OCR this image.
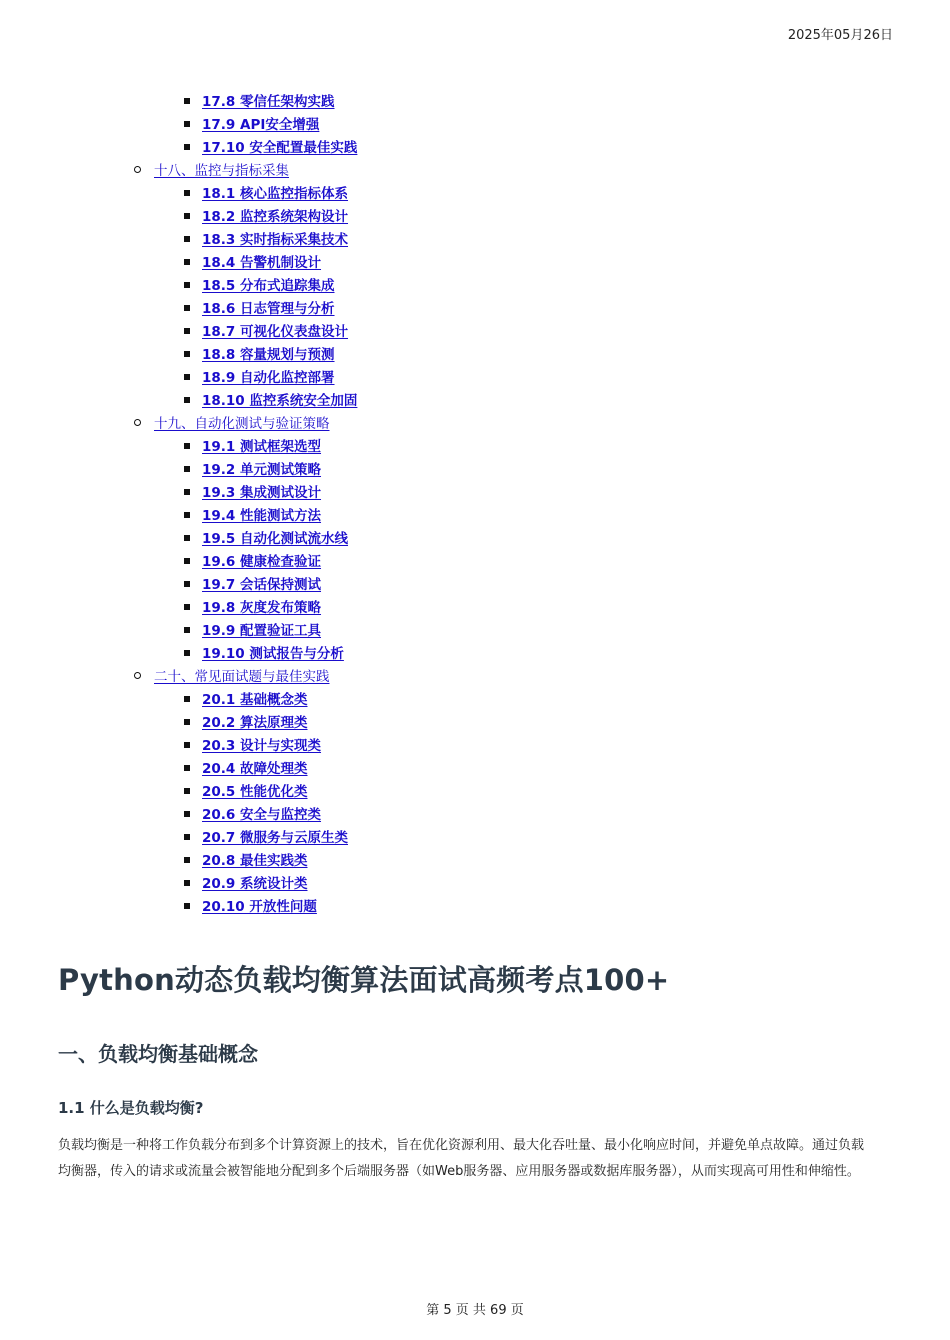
2025年05月26日
17.8 零信任架构实践
17.9 API安全增强
17.10 安全配置最佳实践
十八、监控与指标采集
18.1 核心监控指标体系
18.2 监控系统架构设计
18.3 实时指标采集技术
18.4 告警机制设计
18.5 分布式追踪集成
18.6 日志管理与分析
18.7 可视化仪表盘设计
18.8 容量规划与预测
18.9 自动化监控部署
18.10 监控系统安全加固
十九、自动化测试与验证策略
19.1 测试框架选型
19.2 单元测试策略
19.3 集成测试设计
19.4 性能测试方法
19.5 自动化测试流水线
19.6 健康检查验证
19.7 会话保持测试
19.8 灰度发布策略
19.9 配置验证工具
19.10 测试报告与分析
二十、常见面试题与最佳实践
20.1 基础概念类
20.2 算法原理类
20.3 设计与实现类
20.4 故障处理类
20.5 性能优化类
20.6 安全与监控类
20.7 微服务与云原生类
20.8 最佳实践类
20.9 系统设计类
20.10 开放性问题
Python动态负载均衡算法面试高频考点100+
一、负载均衡基础概念
1.1 什么是负载均衡?

负载均衡是一种将工作负载分布到多个计算资源上的技术，旨在优化资源利用、最大化吞吐量、最小化响应时间，并避免单点故障。通过负载均衡器，传入的请求或流量会被智能地分配到多个后端服务器（如Web服务器、应用服务器或数据库服务器），从而实现高可用性和伸缩性。

第 5 页 共 69 页
